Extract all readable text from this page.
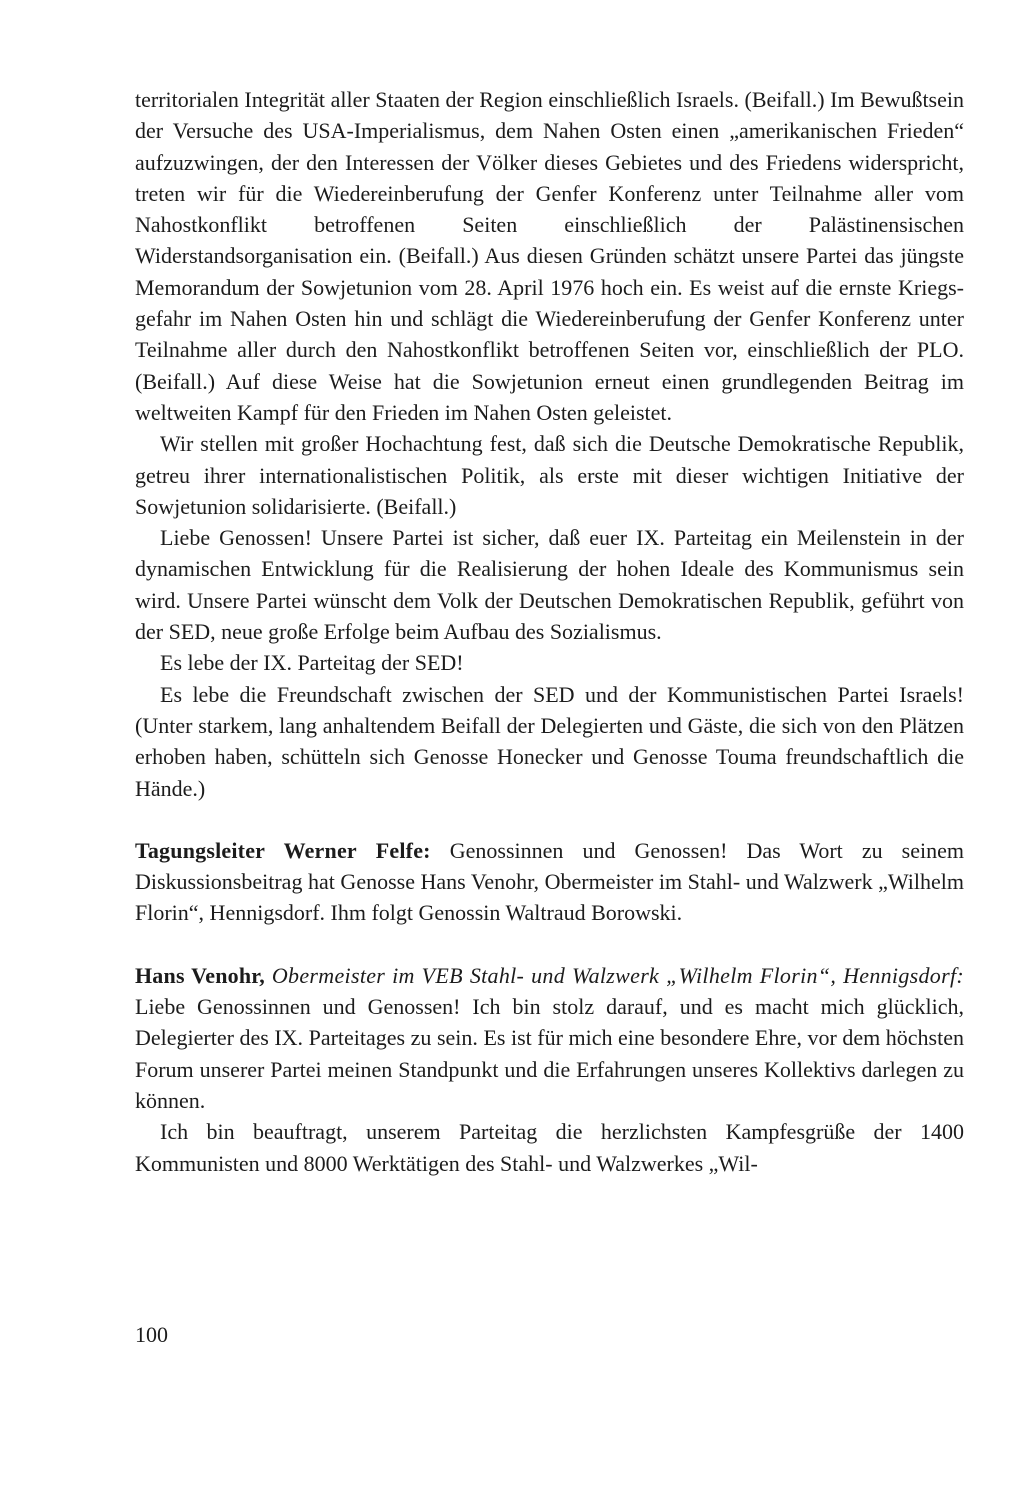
territorialen Integrität aller Staaten der Region einschließlich Israels. (Beifall.) Im Bewußtsein der Versuche des USA-Imperialismus, dem Nahen Osten einen „amerikanischen Frieden“ aufzuzwingen, der den Interessen der Völker dieses Gebietes und des Friedens widerspricht, treten wir für die Wiedereinberufung der Genfer Konferenz unter Teilnahme aller vom Nahostkonflikt betroffenen Seiten einschließlich der Palästinensischen Widerstandsorganisation ein. (Beifall.) Aus diesen Gründen schätzt unsere Partei das jüngste Memorandum der Sowjetunion vom 28. April 1976 hoch ein. Es weist auf die ernste Kriegsgefahr im Nahen Osten hin und schlägt die Wiedereinberufung der Genfer Konferenz unter Teilnahme aller durch den Nahostkonflikt betroffenen Seiten vor, einschließlich der PLO. (Beifall.) Auf diese Weise hat die Sowjetunion erneut einen grundlegenden Beitrag im weltweiten Kampf für den Frieden im Nahen Osten geleistet.

Wir stellen mit großer Hochachtung fest, daß sich die Deutsche Demokratische Republik, getreu ihrer internationalistischen Politik, als erste mit dieser wichtigen Initiative der Sowjetunion solidarisierte. (Beifall.)

Liebe Genossen! Unsere Partei ist sicher, daß euer IX. Parteitag ein Meilenstein in der dynamischen Entwicklung für die Realisierung der hohen Ideale des Kommunismus sein wird. Unsere Partei wünscht dem Volk der Deutschen Demokratischen Republik, geführt von der SED, neue große Erfolge beim Aufbau des Sozialismus.

Es lebe der IX. Parteitag der SED!

Es lebe die Freundschaft zwischen der SED und der Kommunistischen Partei Israels! (Unter starkem, lang anhaltendem Beifall der Delegierten und Gäste, die sich von den Plätzen erhoben haben, schütteln sich Genosse Honecker und Genosse Touma freundschaftlich die Hände.)

Tagungsleiter Werner Felfe: Genossinnen und Genossen! Das Wort zu seinem Diskussionsbeitrag hat Genosse Hans Venohr, Obermeister im Stahl- und Walzwerk „Wilhelm Florin“, Hennigsdorf. Ihm folgt Genossin Waltraud Borowski.

Hans Venohr, Obermeister im VEB Stahl- und Walzwerk „Wilhelm Florin“, Hennigsdorf: Liebe Genossinnen und Genossen! Ich bin stolz darauf, und es macht mich glücklich, Delegierter des IX. Parteitages zu sein. Es ist für mich eine besondere Ehre, vor dem höchsten Forum unserer Partei meinen Standpunkt und die Erfahrungen unseres Kollektivs darlegen zu können.

Ich bin beauftragt, unserem Parteitag die herzlichsten Kampfesgrüße der 1400 Kommunisten und 8000 Werktätigen des Stahl- und Walzwerkes „Wil-

100
